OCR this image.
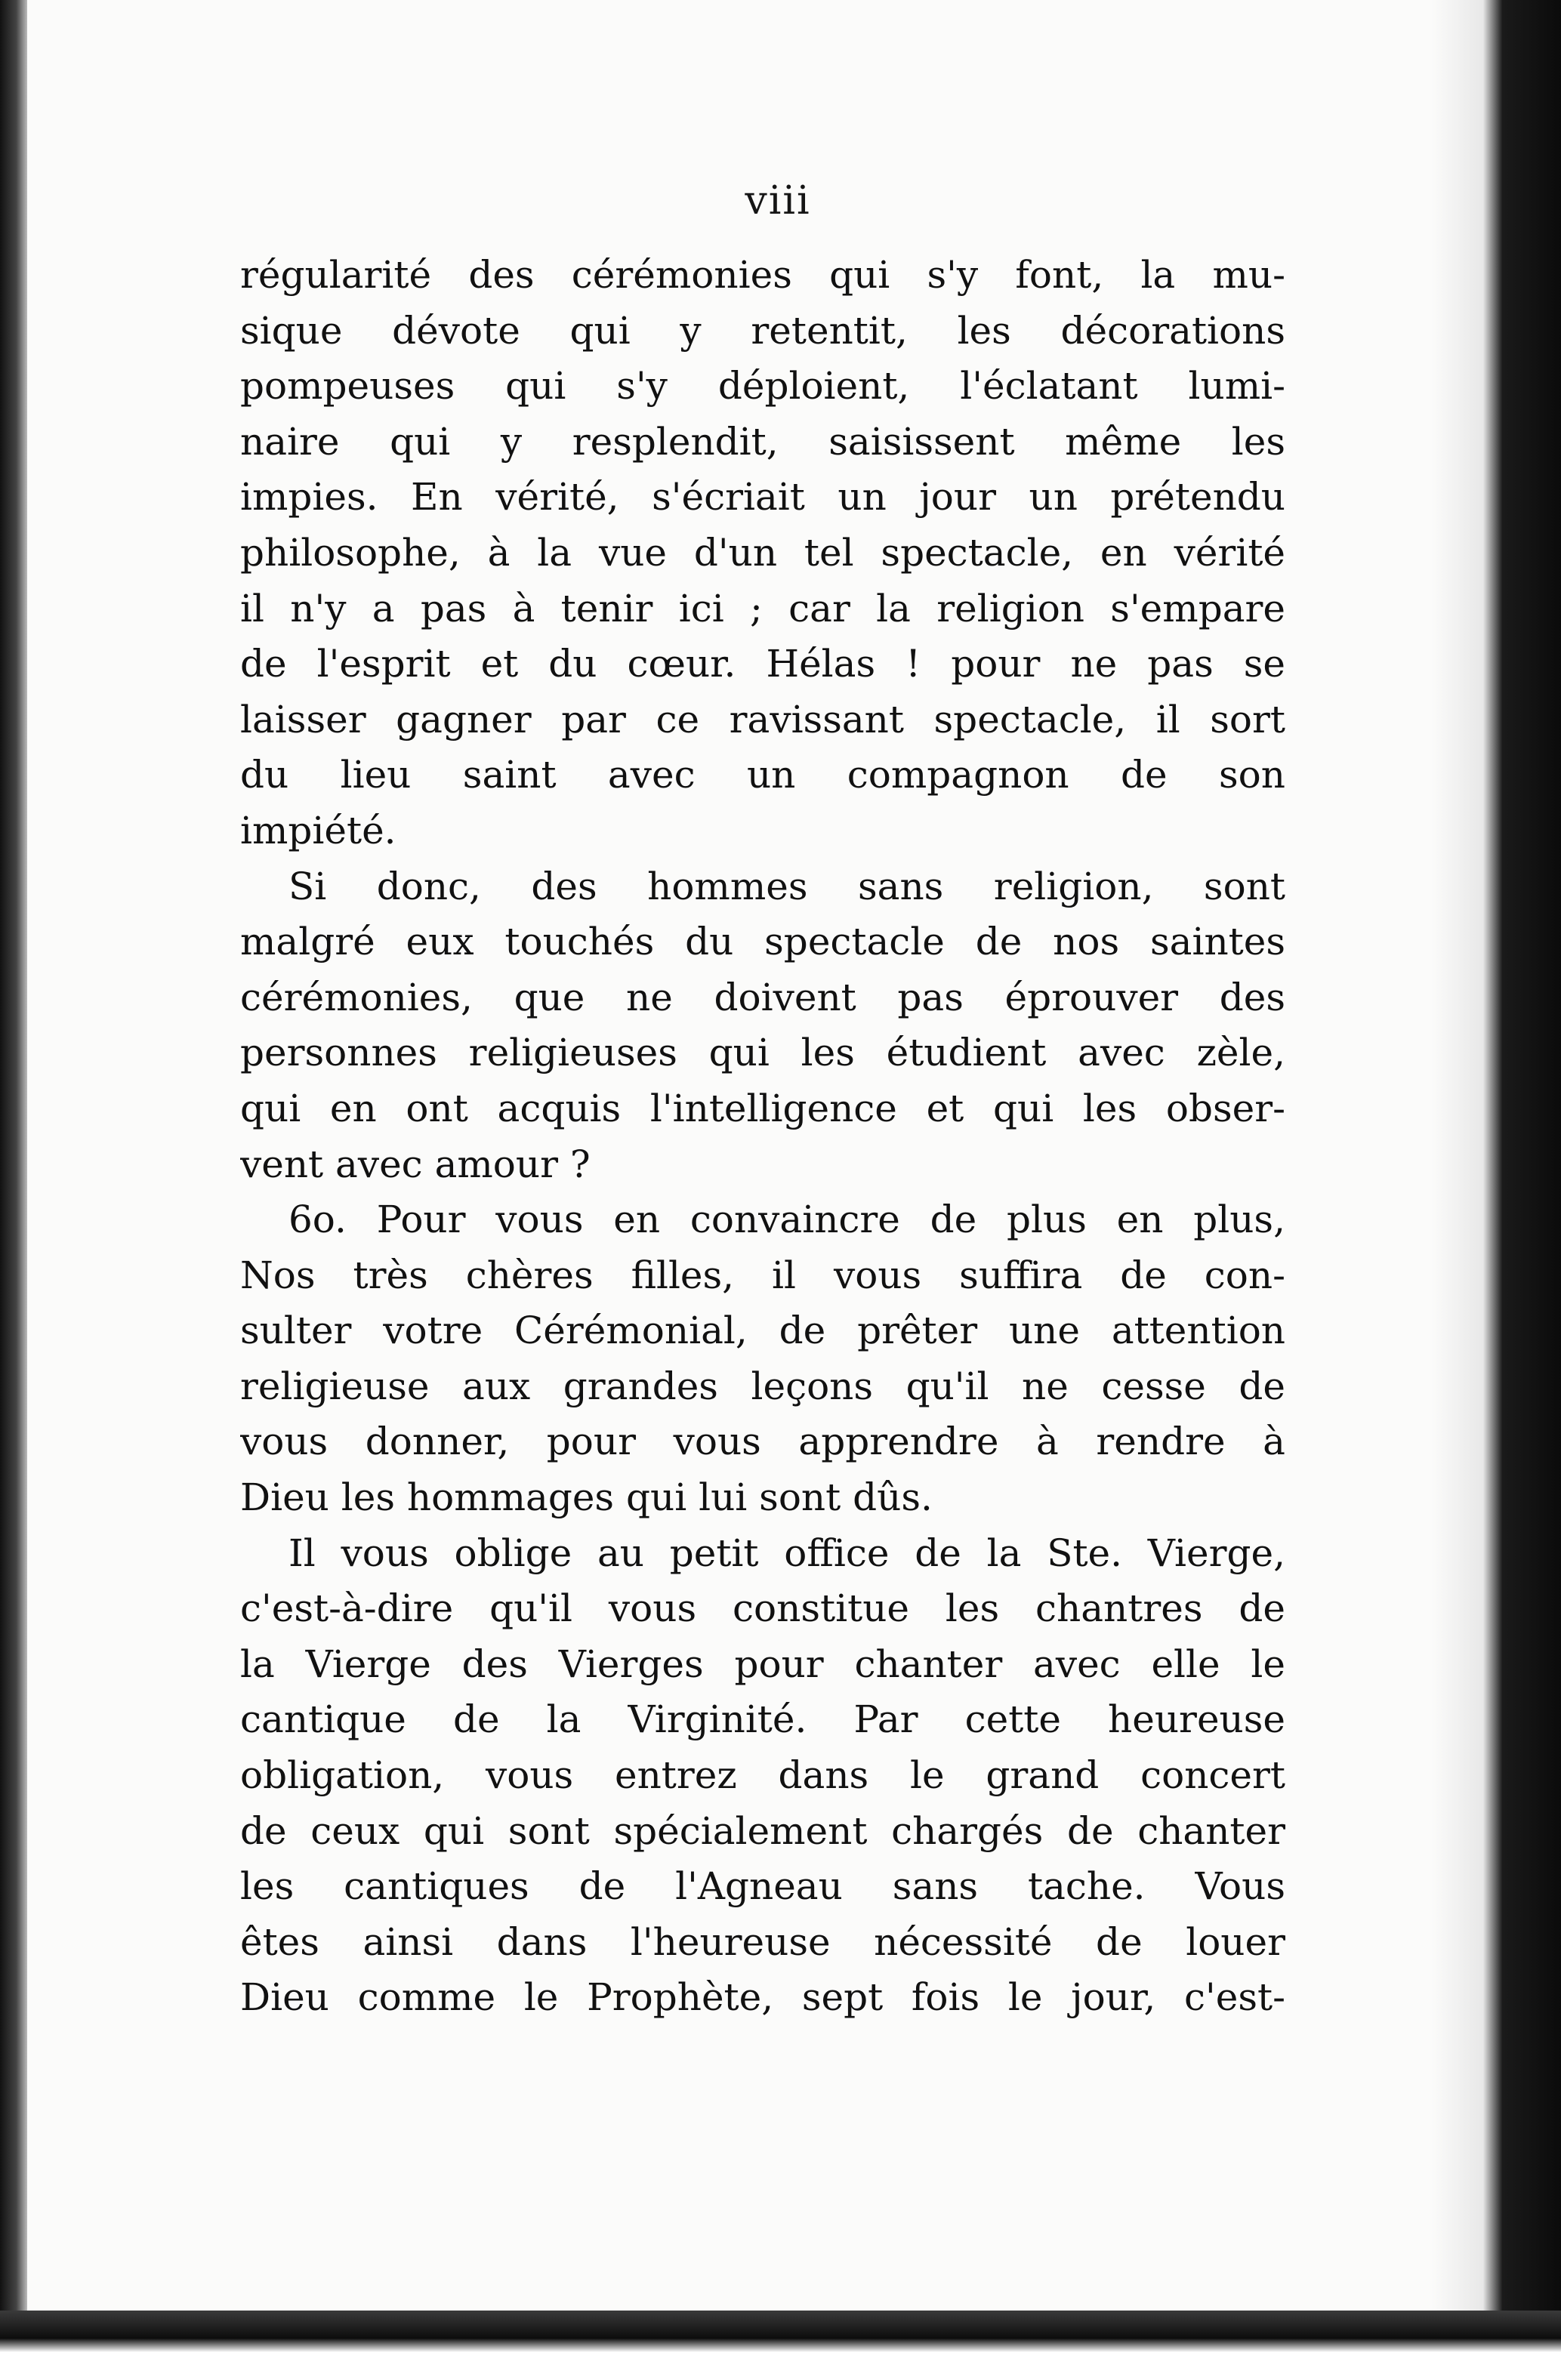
viii
régularité des cérémonies qui s'y font, la mu-
sique dévote qui y retentit, les décorations
pompeuses qui s'y déploient, l'éclatant lumi-
naire qui y resplendit, saisissent même les
impies. En vérité, s'écriait un jour un prétendu
philosophe, à la vue d'un tel spectacle, en vérité
il n'y a pas à tenir ici ; car la religion s'empare
de l'esprit et du cœur. Hélas ! pour ne pas se
laisser gagner par ce ravissant spectacle, il sort
du lieu saint avec un compagnon de son
impiété.
Si donc, des hommes sans religion, sont
malgré eux touchés du spectacle de nos saintes
cérémonies, que ne doivent pas éprouver des
personnes religieuses qui les étudient avec zèle,
qui en ont acquis l'intelligence et qui les obser-
vent avec amour ?
6o. Pour vous en convaincre de plus en plus,
Nos très chères filles, il vous suffira de con-
sulter votre Cérémonial, de prêter une attention
religieuse aux grandes leçons qu'il ne cesse de
vous donner, pour vous apprendre à rendre à
Dieu les hommages qui lui sont dûs.
Il vous oblige au petit office de la Ste. Vierge,
c'est-à-dire qu'il vous constitue les chantres de
la Vierge des Vierges pour chanter avec elle le
cantique de la Virginité. Par cette heureuse
obligation, vous entrez dans le grand concert
de ceux qui sont spécialement chargés de chanter
les cantiques de l'Agneau sans tache. Vous
êtes ainsi dans l'heureuse nécessité de louer
Dieu comme le Prophète, sept fois le jour, c'est-
